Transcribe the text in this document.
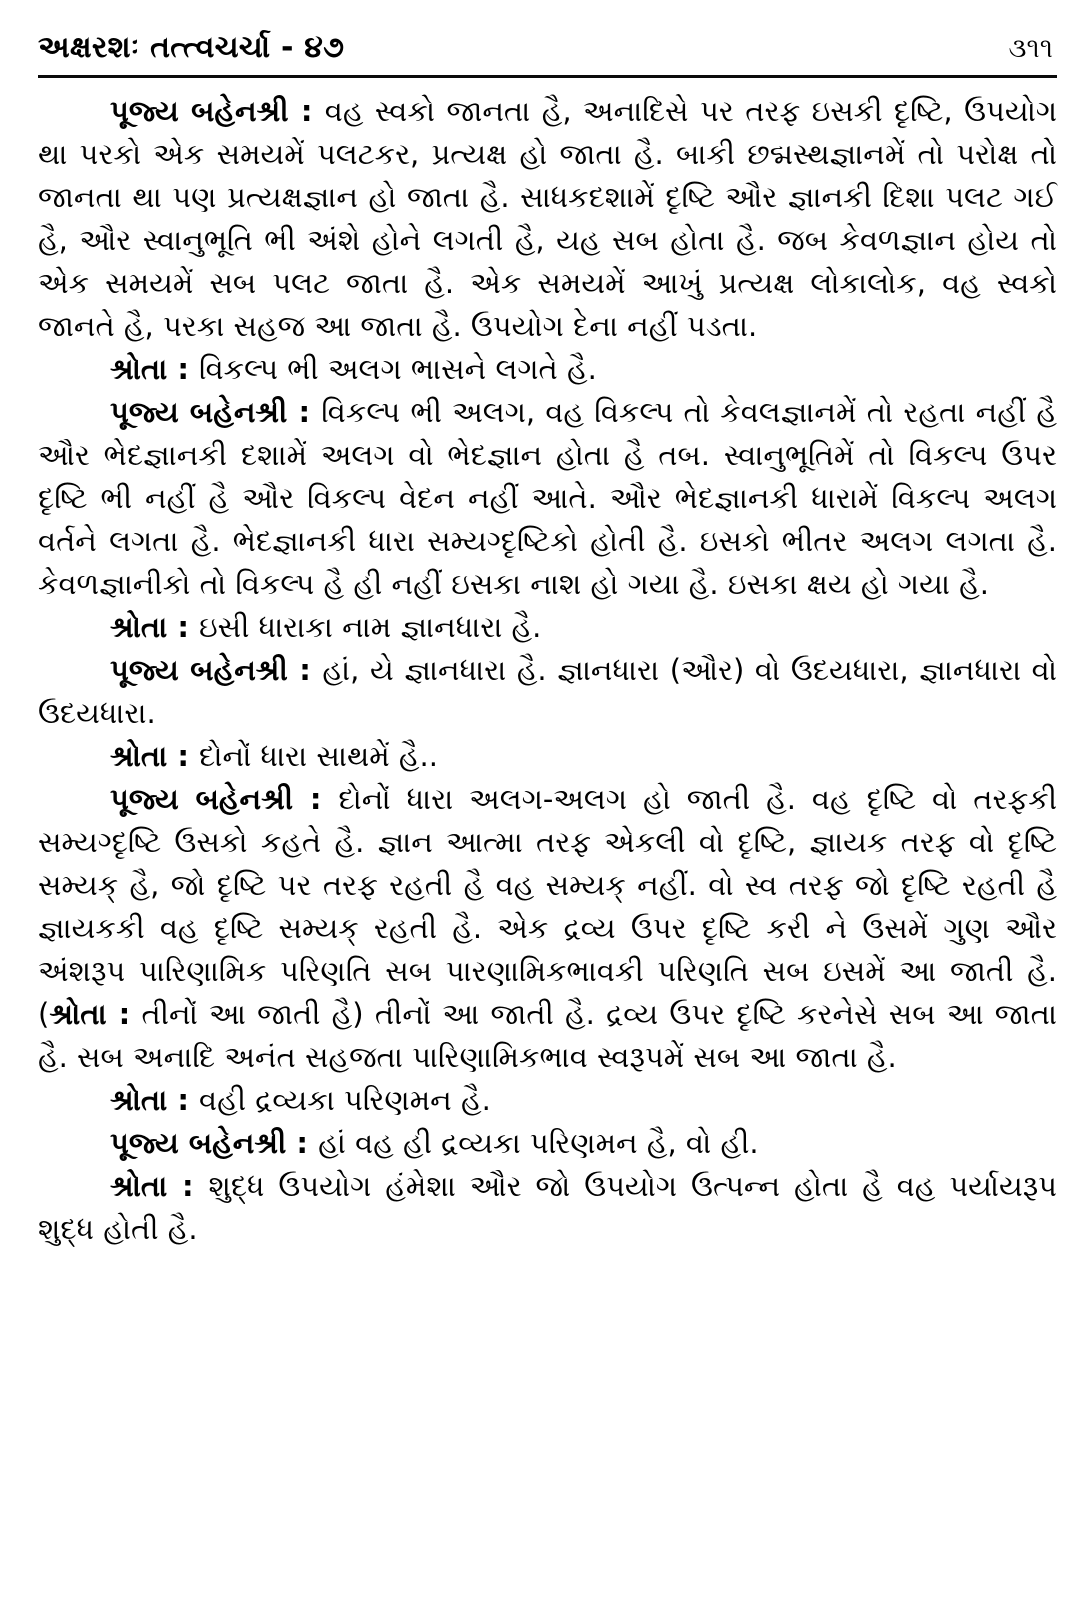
અક્ષરશઃ તત્ત્વચર્ચા - ૪૭	૩૧૧

પૂજ્ય બહેનશ્રી : વહ સ્વકો જાનતા હૈ, અનાદિસે પર તરફ ઇસકી દૃષ્ટિ, ઉપયોગ થા પરકો એક સમયમેં પલટકર, પ્રત્યક્ષ હો જાતા હૈ. બાકી છદ્મસ્થજ્ઞાનમેં તો પરોક્ષ તો જાનતા થા પણ પ્રત્યક્ષજ્ઞાન હો જાતા હૈ. સાધકદશામેં દૃષ્ટિ ઔર જ્ઞાનકી દિશા પલટ ગઈ હૈ, ઔર સ્વાનુભૂતિ ભી અંશે હોને લગતી હૈ, યહ સબ હોતા હૈ. જબ કેવળજ્ઞાન હોય તો એક સમયમેં સબ પલટ જાતા હૈ. એક સમયમેં આખું પ્રત્યક્ષ લોકાલોક, વહ સ્વકો જાનતે હૈ, પરકા સહજ આ જાતા હૈ. ઉપયોગ દેના નહીં પડતા.

શ્રોતા : વિકલ્પ ભી અલગ ભાસને લગતે હૈ.

પૂજ્ય બહેનશ્રી : વિકલ્પ ભી અલગ, વહ વિકલ્પ તો કેવલજ્ઞાનમેં તો રહતા નહીં હૈ ઔર ભેદજ્ઞાનકી દશામેં અલગ વો ભેદજ્ઞાન હોતા હૈ તબ. સ્વાનુભૂતિમેં તો વિકલ્પ ઉપર દૃષ્ટિ ભી નહીં હૈ ઔર વિકલ્પ વેદન નહીં આતે. ઔર ભેદજ્ઞાનકી ધારામેં વિકલ્પ અલગ વર્તને લગતા હૈ. ભેદજ્ઞાનકી ધારા સમ્યગ્દૃષ્ટિકો હોતી હૈ. ઇસકો ભીતર અલગ લગતા હૈ. કેવળજ્ઞાનીકો તો વિકલ્પ હૈ હી નહીં ઇસકા નાશ હો ગયા હૈ. ઇસકા ક્ષય હો ગયા હૈ.

શ્રોતા : ઇસી ધારાકા નામ જ્ઞાનધારા હૈ.

પૂજ્ય બહેનશ્રી : હાં, યે જ્ઞાનધારા હૈ. જ્ઞાનધારા (ઔર) વો ઉદયધારા, જ્ઞાનધારા વો ઉદયધારા.

શ્રોતા : દોનોં ધારા સાથમેં હૈ..

પૂજ્ય બહેનશ્રી : દોનોં ધારા અલગ-અલગ હો જાતી હૈ. વહ દૃષ્ટિ વો તરફકી સમ્યગ્દૃષ્ટિ ઉસકો કહતે હૈ. જ્ઞાન આત્મા તરફ એકલી વો દૃષ્ટિ, જ્ઞાયક તરફ વો દૃષ્ટિ સમ્યક્ હૈ, જો દૃષ્ટિ પર તરફ રહતી હૈ વહ સમ્યક્ નહીં. વો સ્વ તરફ જો દૃષ્ટિ રહતી હૈ જ્ઞાયકકી વહ દૃષ્ટિ સમ્યક્ રહતી હૈ. એક દ્રવ્ય ઉપર દૃષ્ટિ કરી ને ઉસમેં ગુણ ઔર અંશરૂપ પારિણામિક પરિણતિ સબ પારણામિકભાવકી પરિણતિ સબ ઇસમેં આ જાતી હૈ. (શ્રોતા : તીનોં આ જાતી હૈ) તીનોં આ જાતી હૈ. દ્રવ્ય ઉપર દૃષ્ટિ કરનેસે સબ આ જાતા હૈ. સબ અનાદિ અનંત સહજતા પારિણામિકભાવ સ્વરૂપમેં સબ આ જાતા હૈ.

શ્રોતા : વહી દ્રવ્યકા પરિણમન હૈ.

પૂજ્ય બહેનશ્રી : હાં વહ હી દ્રવ્યકા પરિણમન હૈ, વો હી.

શ્રોતા : શુદ્ધ ઉપયોગ હંમેશા ઔર જો ઉપયોગ ઉત્પન્ન હોતા હૈ વહ પર્યાયરૂપ શુદ્ધ હોતી હૈ.
